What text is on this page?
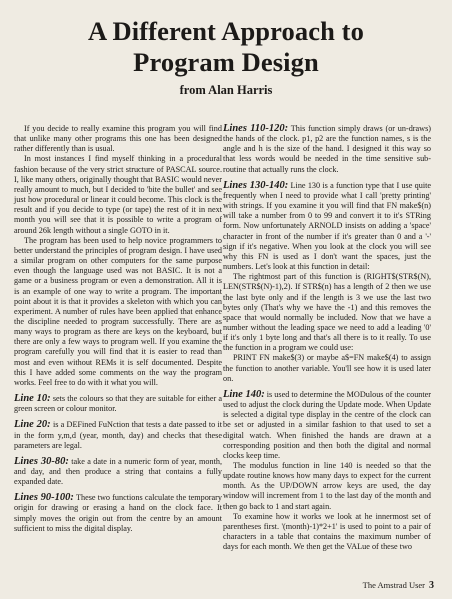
A Different Approach to
Program Design
from Alan Harris

If you decide to really examine this program you will find that unlike many other programs this one has been designed rather differently than is usual.

In most instances I find myself thinking in a procedural fashion because of the very strict structure of PASCAL source. I, like many others, originally thought that BASIC would never really amount to much, but I decided to 'bite the bullet' and see just how procedural or linear it could become. This clock is the result and if you decide to type (or tape) the rest of it in next month you will see that it is possible to write a program of around 26k length without a single GOTO in it.

The program has been used to help novice programmers to better understand the principles of program design. I have used a similar program on other computers for the same purpose even though the language used was not BASIC. It is not a game or a business program or even a demonstration. All it is is an example of one way to write a program. The important point about it is that it provides a skeleton with which you can experiment. A number of rules have been applied that enhance the discipline needed to program successfully. There are as many ways to program as there are keys on the keyboard, but there are only a few ways to program well. If you examine the program carefully you will find that it is easier to read than most and even without REMs it is self documented. Despite this I have added some comments on the way the program works. Feel free to do with it what you will.

Line 10: sets the colours so that they are suitable for either a green screen or colour monitor.

Line 20: is a DEFined FuNction that tests a date passed to it in the form y,m,d (year, month, day) and checks that these parameters are legal.

Lines 30-80: take a date in a numeric form of year, month, and day, and then produce a string that contains a fully expanded date.

Lines 90-100: These two functions calculate the temporary origin for drawing or erasing a hand on the clock face. It simply moves the origin out from the centre by an amount sufficient to miss the digital display.

Lines 110-120: This function simply draws (or un-draws) the hands of the clock. p1, p2 are the function names, s is the angle and h is the size of the hand. I designed it this way so that less words would be needed in the time sensitive sub-routine that actually runs the clock.

Lines 130-140: Line 130 is a function type that I use quite frequently when I need to provide what I call 'pretty printing' with strings. If you examine it you will find that FN make$(n) will take a number from 0 to 99 and convert it to it's STRing form. Now unfortunately ARNOLD insists on adding a 'space' character in front of the number if it's greater than 0 and a '-' sign if it's negative. When you look at the clock you will see why this FN is used as I don't want the spaces, just the numbers. Let's look at this function in detail:

The rightmost part of this function is (RIGHT$(STR$(N), LEN(STR$(N)-1),2). If STR$(n) has a length of 2 then we use the last byte only and if the length is 3 we use the last two bytes only (That's why we have the -1) and this removes the space that would normally be included. Now that we have a number without the leading space we need to add a leading '0' if it's only 1 byte long and that's all there is to it really. To use the function in a program we could use:

PRINT FN make$(3) or maybe a$=FN make$(4) to assign the function to another variable. You'll see how it is used later on.

Line 140: is used to determine the MODulous of the counter used to adjust the clock during the Update mode. When Update is selected a digital type display in the centre of the clock can be set or adjusted in a similar fashion to that used to set a digital watch. When finished the hands are drawn at a corresponding position and then both the digital and normal clocks keep time.

The modulus function in line 140 is needed so that the update routine knows how many days to expect for the current month. As the UP/DOWN arrow keys are used, the day window will increment from 1 to the last day of the month and then go back to 1 and start again.

To examine how it works we look at he innermost set of parentheses first. '(month)-1)*2+1' is used to point to a pair of characters in a table that contains the maximum number of days for each month. We then get the VALue of these two

The Amstrad User 3
